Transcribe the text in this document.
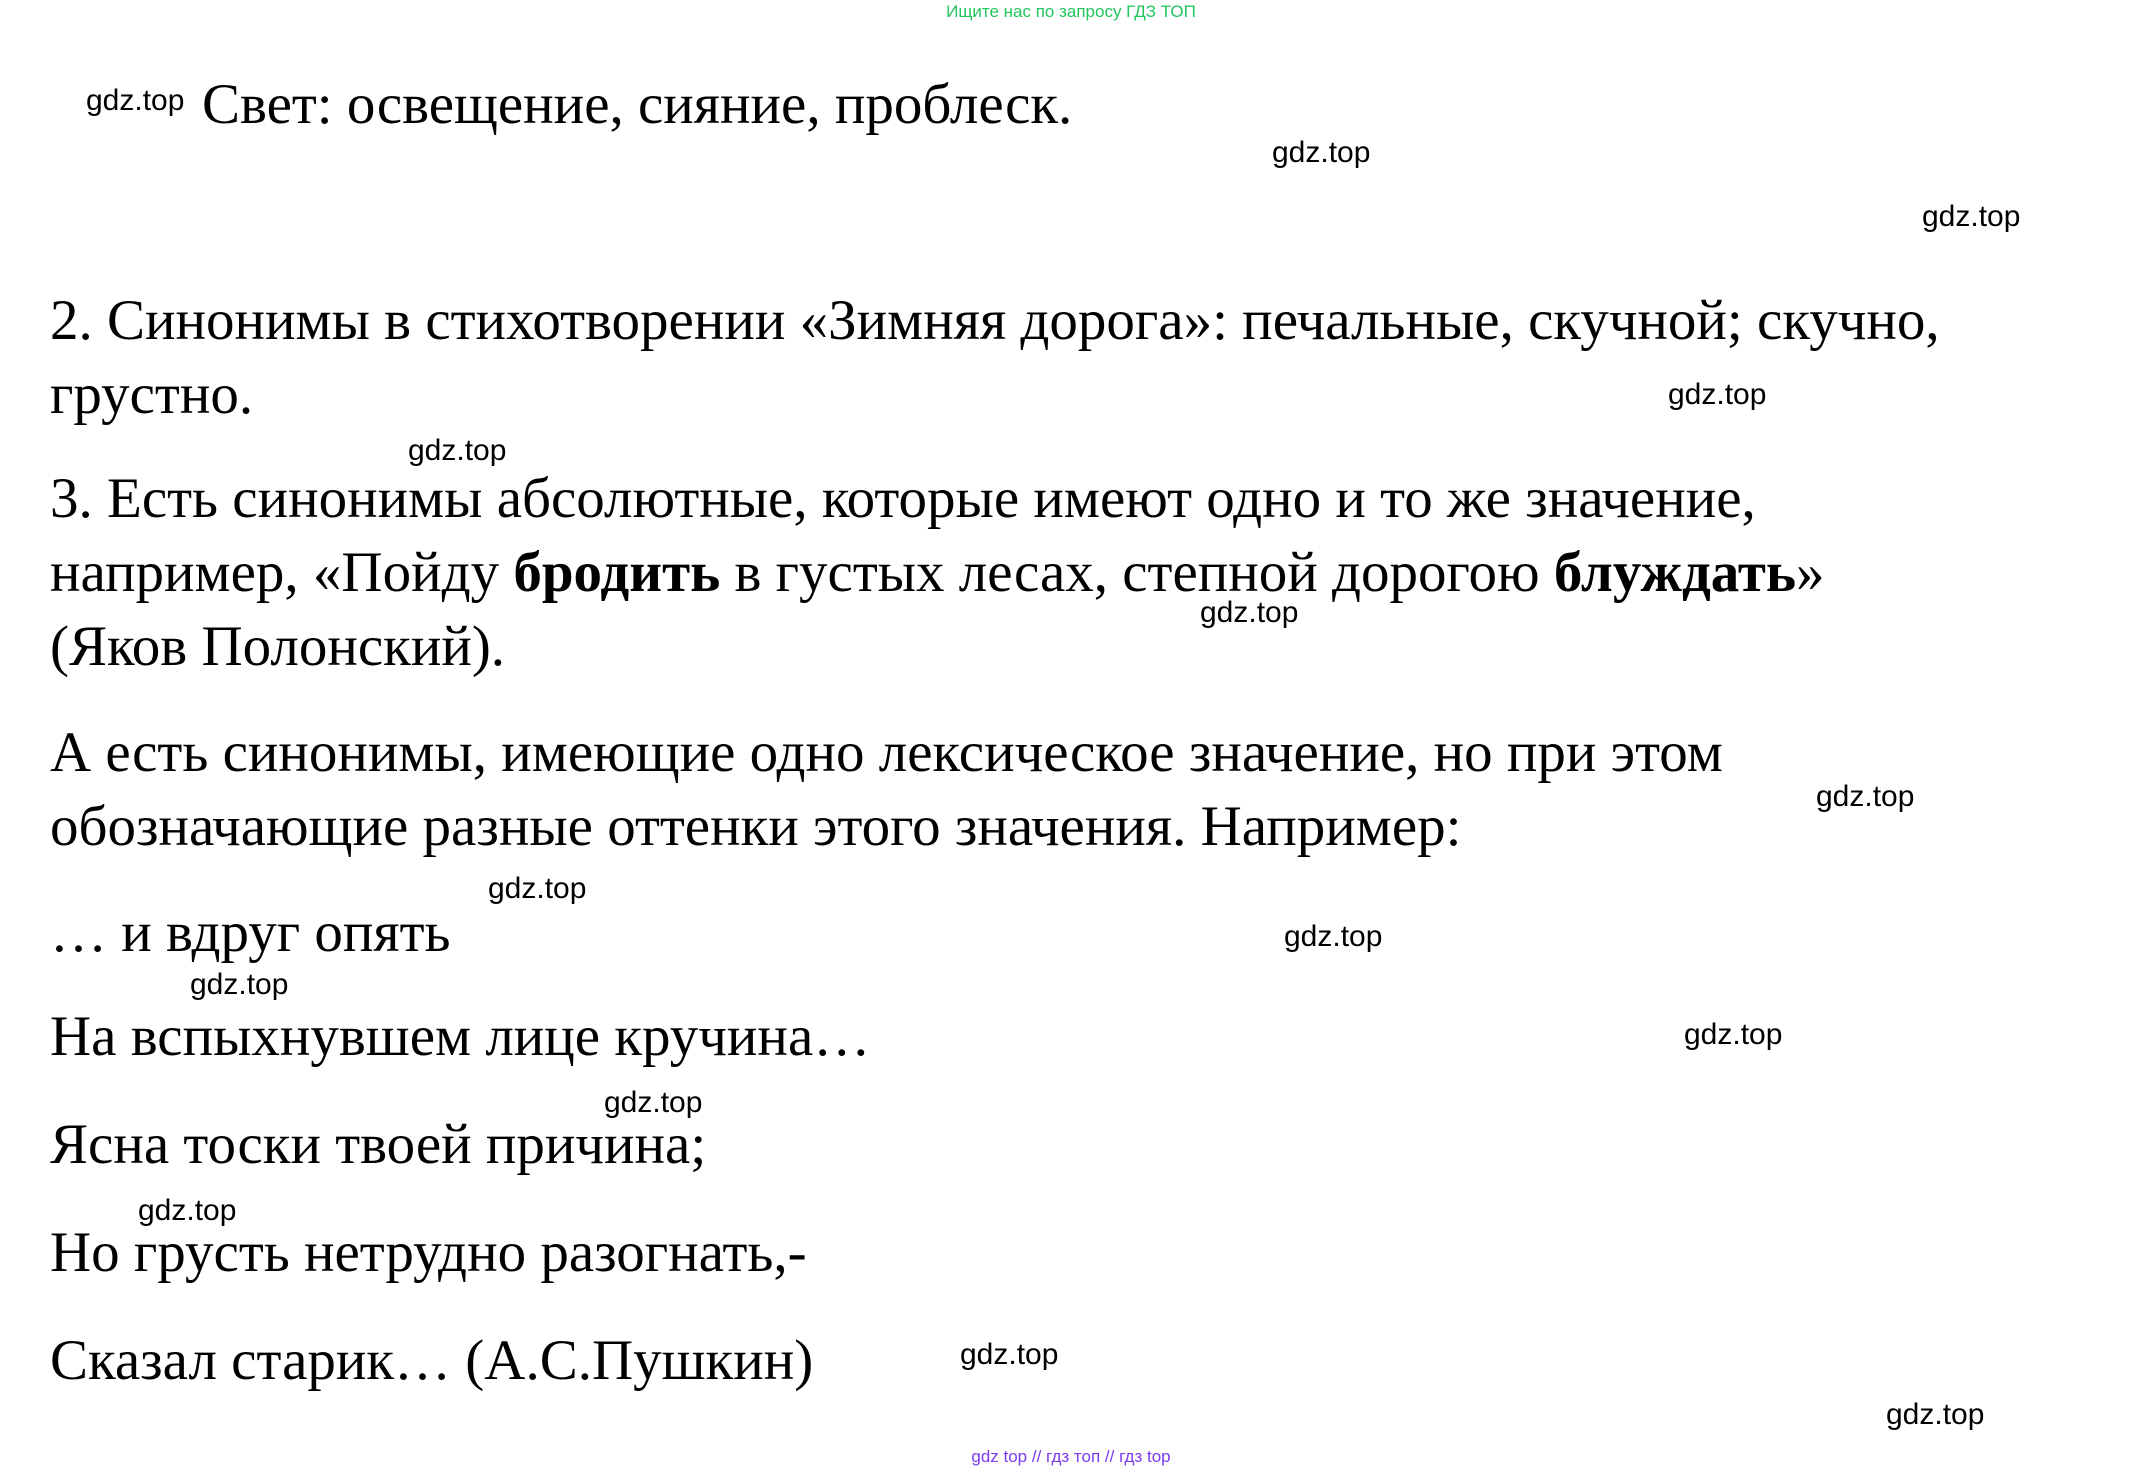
Ищите нас по запросу ГДЗ ТОП
Свет: освещение, сияние, проблеск.
2. Синонимы в стихотворении «Зимняя дорога»: печальные, скучной; скучно,
грустно.
3. Есть синонимы абсолютные, которые имеют одно и то же значение,
например, «Пойду бродить в густых лесах, степной дорогою блуждать»
(Яков Полонский).
А есть синонимы, имеющие одно лексическое значение, но при этом
обозначающие разные оттенки этого значения. Например:
… и вдруг опять
На вспыхнувшем лице кручина…
Ясна тоски твоей причина;
Но грусть нетрудно разогнать,-
Сказал старик… (А.С.Пушкин)
gdz.top
gdz.top
gdz.top
gdz.top
gdz.top
gdz.top
gdz.top
gdz.top
gdz.top
gdz.top
gdz.top
gdz.top
gdz.top
gdz.top
gdz.top
gdz top // гдз топ // гдз top
